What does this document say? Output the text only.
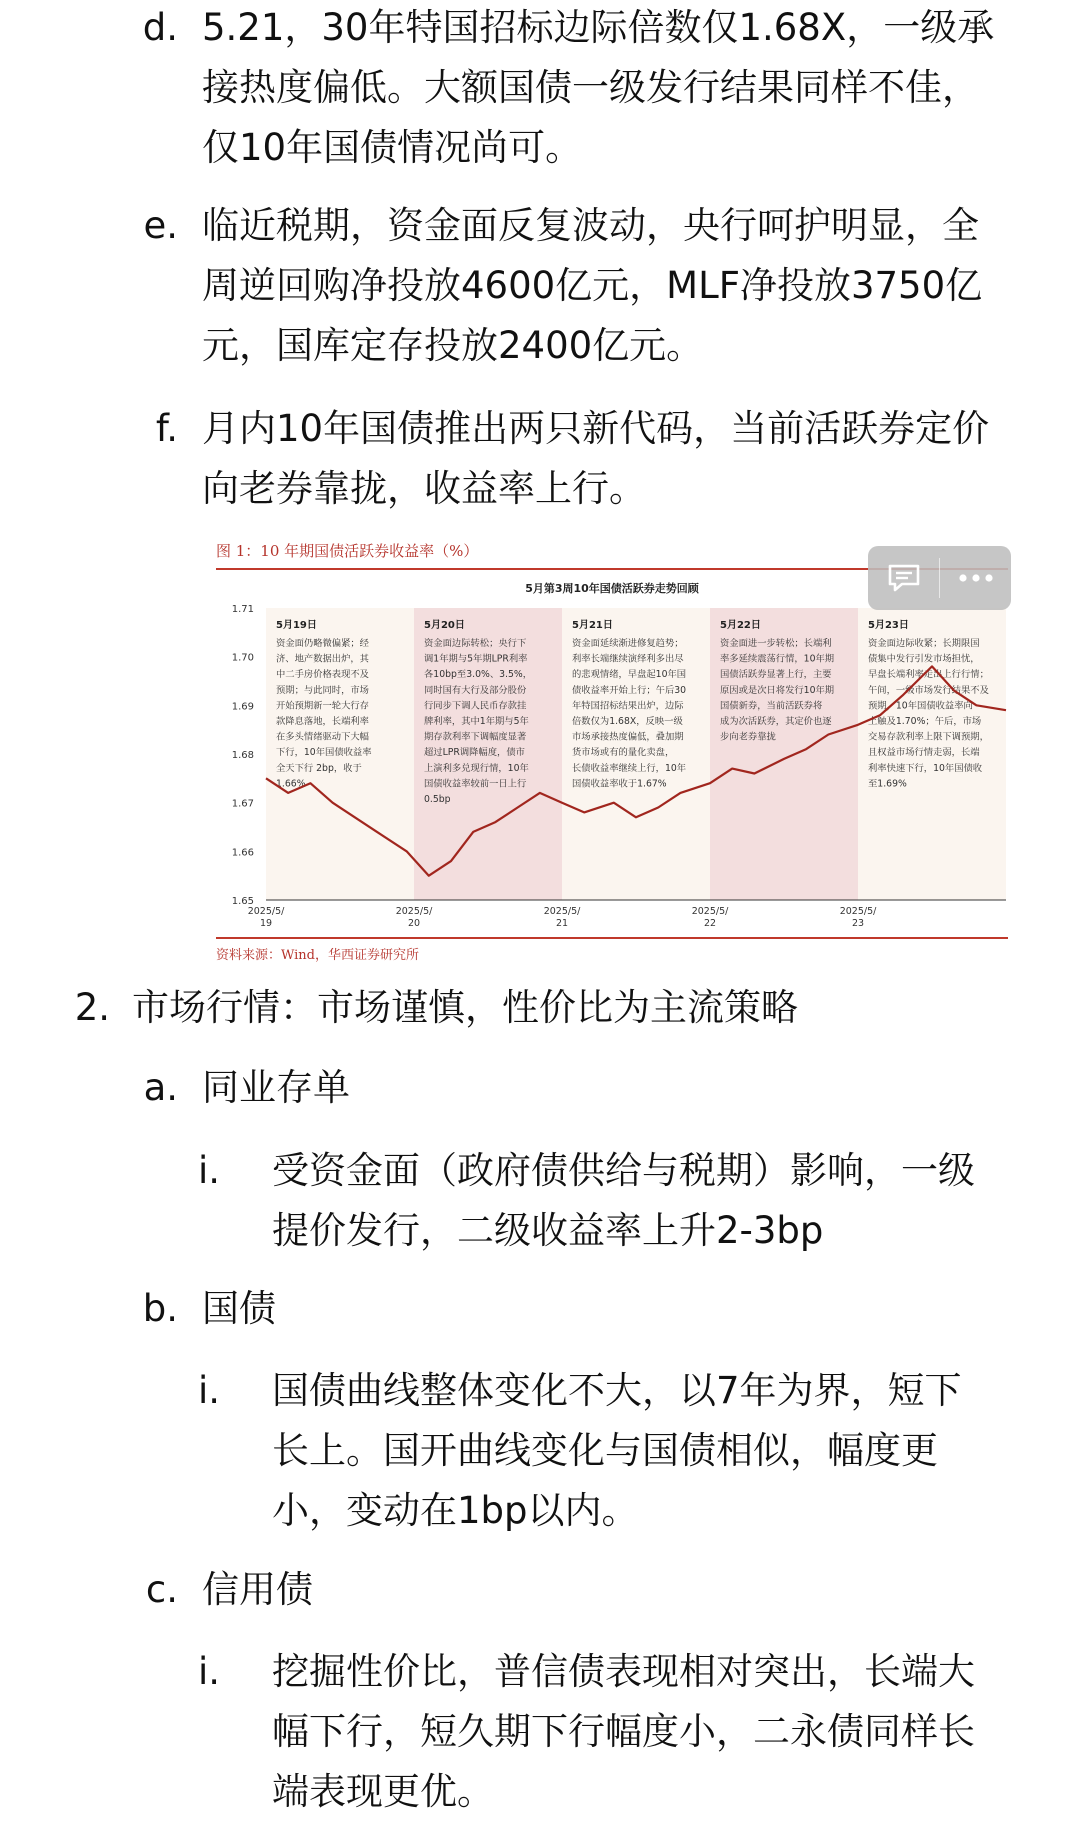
d. 5.21，30年特国招标边际倍数仅1.68X，一级承
接热度偏低。大额国债一级发行结果同样不佳，
仅10年国债情况尚可。
e. 临近税期，资金面反复波动，央行呵护明显，全
周逆回购净投放4600亿元，MLF净投放3750亿
元，国库定存投放2400亿元。
f. 月内10年国债推出两只新代码，当前活跃券定价
向老券靠拢，收益率上行。
图 1：10 年期国债活跃券收益率（%）
5月第3周10年国债活跃券走势回顾
1.71
1.70
1.69
1.68
1.67
1.66
1.65
2025/5/
19
2025/5/
20
2025/5/
21
2025/5/
22
2025/5/
23
5月19日
资金面仍略微偏紧；经
济、地产数据出炉，其
中二手房价格表现不及
预期；与此同时，市场
开始预期新一轮大行存
款降息落地，长端利率
在多头情绪驱动下大幅
下行，10年国债收益率
全天下行 2bp，收于
1.66%
5月20日
资金面边际转松；央行下
调1年期与5年期LPR利率
各10bp至3.0%、3.5%，
同时国有大行及部分股份
行同步下调人民币存款挂
牌利率，其中1年期与5年
期存款利率下调幅度显著
超过LPR调降幅度，债市
上演利多兑现行情，10年
国债收益率较前一日上行
0.5bp
5月21日
资金面延续渐进修复趋势；
利率长端继续演绎利多出尽
的悲观情绪，早盘起10年国
债收益率开始上行；午后30
年特国招标结果出炉，边际
倍数仅为1.68X，反映一级
市场承接热度偏低，叠加期
货市场或有的量化卖盘，
长债收益率继续上行，10年
国债收益率收于1.67%
5月22日
资金面进一步转松；长端利
率多延续震荡行情，10年期
国债活跃券显著上行，主要
原因或是次日将发行10年期
国债新券，当前活跃券将
成为次活跃券，其定价也逐
步向老券靠拢
5月23日
资金面边际收紧；长期限国
债集中发行引发市场担忧，
早盘长端利率走出上行行情；
午间，一级市场发行结果不及
预期，10年国债收益率向
上触及1.70%；午后，市场
交易存款利率上限下调预期，
且权益市场行情走弱，长端
利率快速下行，10年国债收
至1.69%
资料来源：Wind，华西证券研究所
2. 市场行情：市场谨慎，性价比为主流策略
a. 同业存单
i. 受资金面（政府债供给与税期）影响，一级
提价发行，二级收益率上升2-3bp
b. 国债
i. 国债曲线整体变化不大，以7年为界，短下
长上。国开曲线变化与国债相似，幅度更
小，变动在1bp以内。
c. 信用债
i. 挖掘性价比，普信债表现相对突出，长端大
幅下行，短久期下行幅度小，二永债同样长
端表现更优。
